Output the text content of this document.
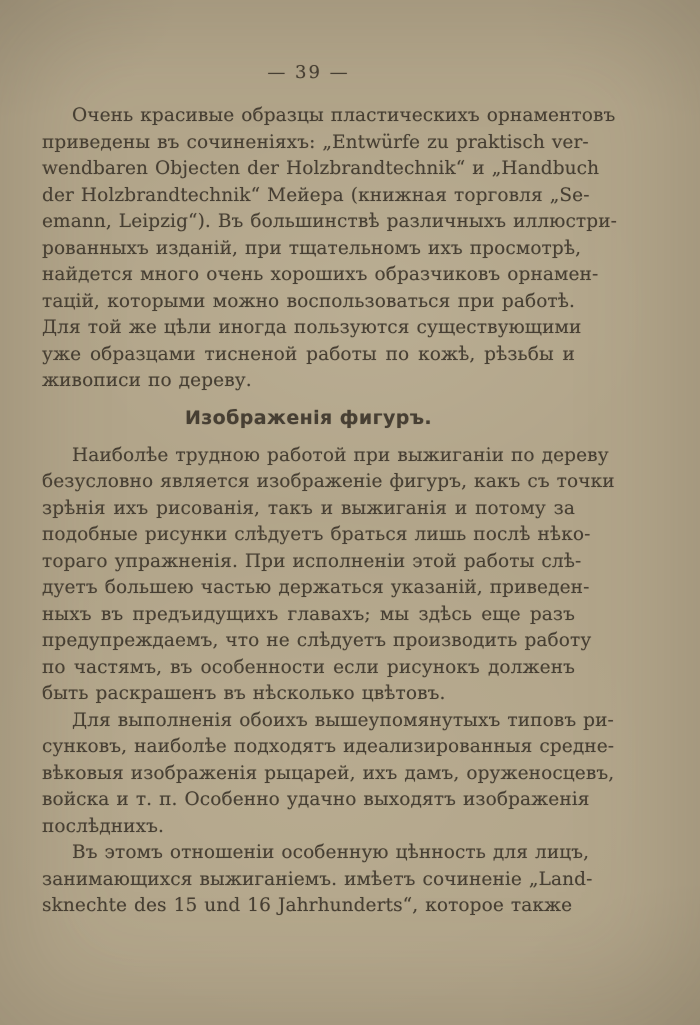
— 39 —
Очень красивые образцы пластическихъ орнаментовъ
приведены въ сочиненіяхъ: „Entwürfe zu praktisch ver-
wendbaren Objecten der Holzbrandtechnik“ и „Handbuch
der Holzbrandtechnik“ Мейера (книжная торговля „Se-
emann, Leipzig“). Въ большинствѣ различныхъ иллюстри-
рованныхъ изданій, при тщательномъ ихъ просмотрѣ,
найдется много очень хорошихъ образчиковъ орнамен-
тацій, которыми можно воспользоваться при работѣ.
Для той же цѣли иногда пользуются существующими
уже образцами тисненой работы по кожѣ, рѣзьбы и
живописи по дереву.
Изображенія фигуръ.
Наиболѣе трудною работой при выжиганіи по дереву
безусловно является изображеніе фигуръ, какъ съ точки
зрѣнія ихъ рисованія, такъ и выжиганія и потому за
подобные рисунки слѣдуетъ браться лишь послѣ нѣко-
тораго упражненія. При исполненіи этой работы слѣ-
дуетъ большею частью держаться указаній, приведен-
ныхъ въ предъидущихъ главахъ; мы здѣсь еще разъ
предупреждаемъ, что не слѣдуетъ производить работу
по частямъ, въ особенности если рисунокъ долженъ
быть раскрашенъ въ нѣсколько цвѣтовъ.
Для выполненія обоихъ вышеупомянутыхъ типовъ ри-
сунковъ, наиболѣе подходятъ идеализированныя средне-
вѣковыя изображенія рыцарей, ихъ дамъ, оруженосцевъ,
войска и т. п. Особенно удачно выходятъ изображенія
послѣднихъ.
Въ этомъ отношеніи особенную цѣнность для лицъ,
занимающихся выжиганіемъ. имѣетъ сочиненіе „Land-
sknechte des 15 und 16 Jahrhunderts“, которое также
